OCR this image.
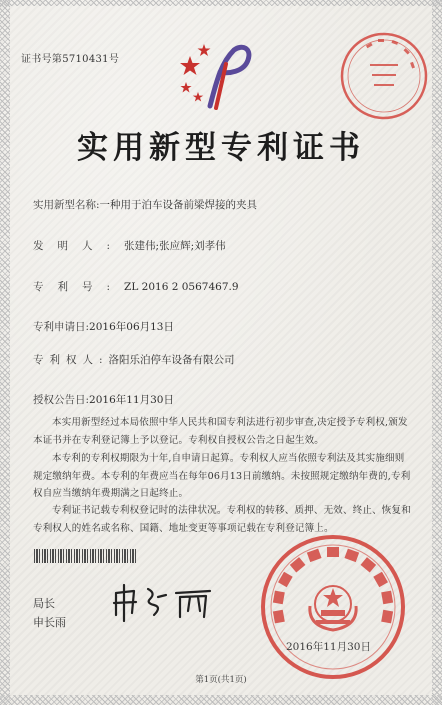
证书号第5710431号
实用新型专利证书
实用新型名称:一种用于泊车设备前梁焊接的夹具
发明人:张建伟;张应辉;刘孝伟
专利号:ZL 2016 2 0567467.9
专利申请日:2016年06月13日
专利权人:洛阳乐泊停车设备有限公司
授权公告日:2016年11月30日

本实用新型经过本局依照中华人民共和国专利法进行初步审查,决定授予专利权,颁发本证书并在专利登记簿上予以登记。专利权自授权公告之日起生效。

本专利的专利权期限为十年,自申请日起算。专利权人应当依照专利法及其实施细则规定缴纳年费。本专利的年费应当在每年06月13日前缴纳。未按照规定缴纳年费的,专利权自应当缴纳年费期满之日起终止。

专利证书记载专利权登记时的法律状况。专利权的转移、质押、无效、终止、恢复和专利权人的姓名或名称、国籍、地址变更等事项记载在专利登记簿上。

局长
申长雨
2016年11月30日
第1页(共1页)
